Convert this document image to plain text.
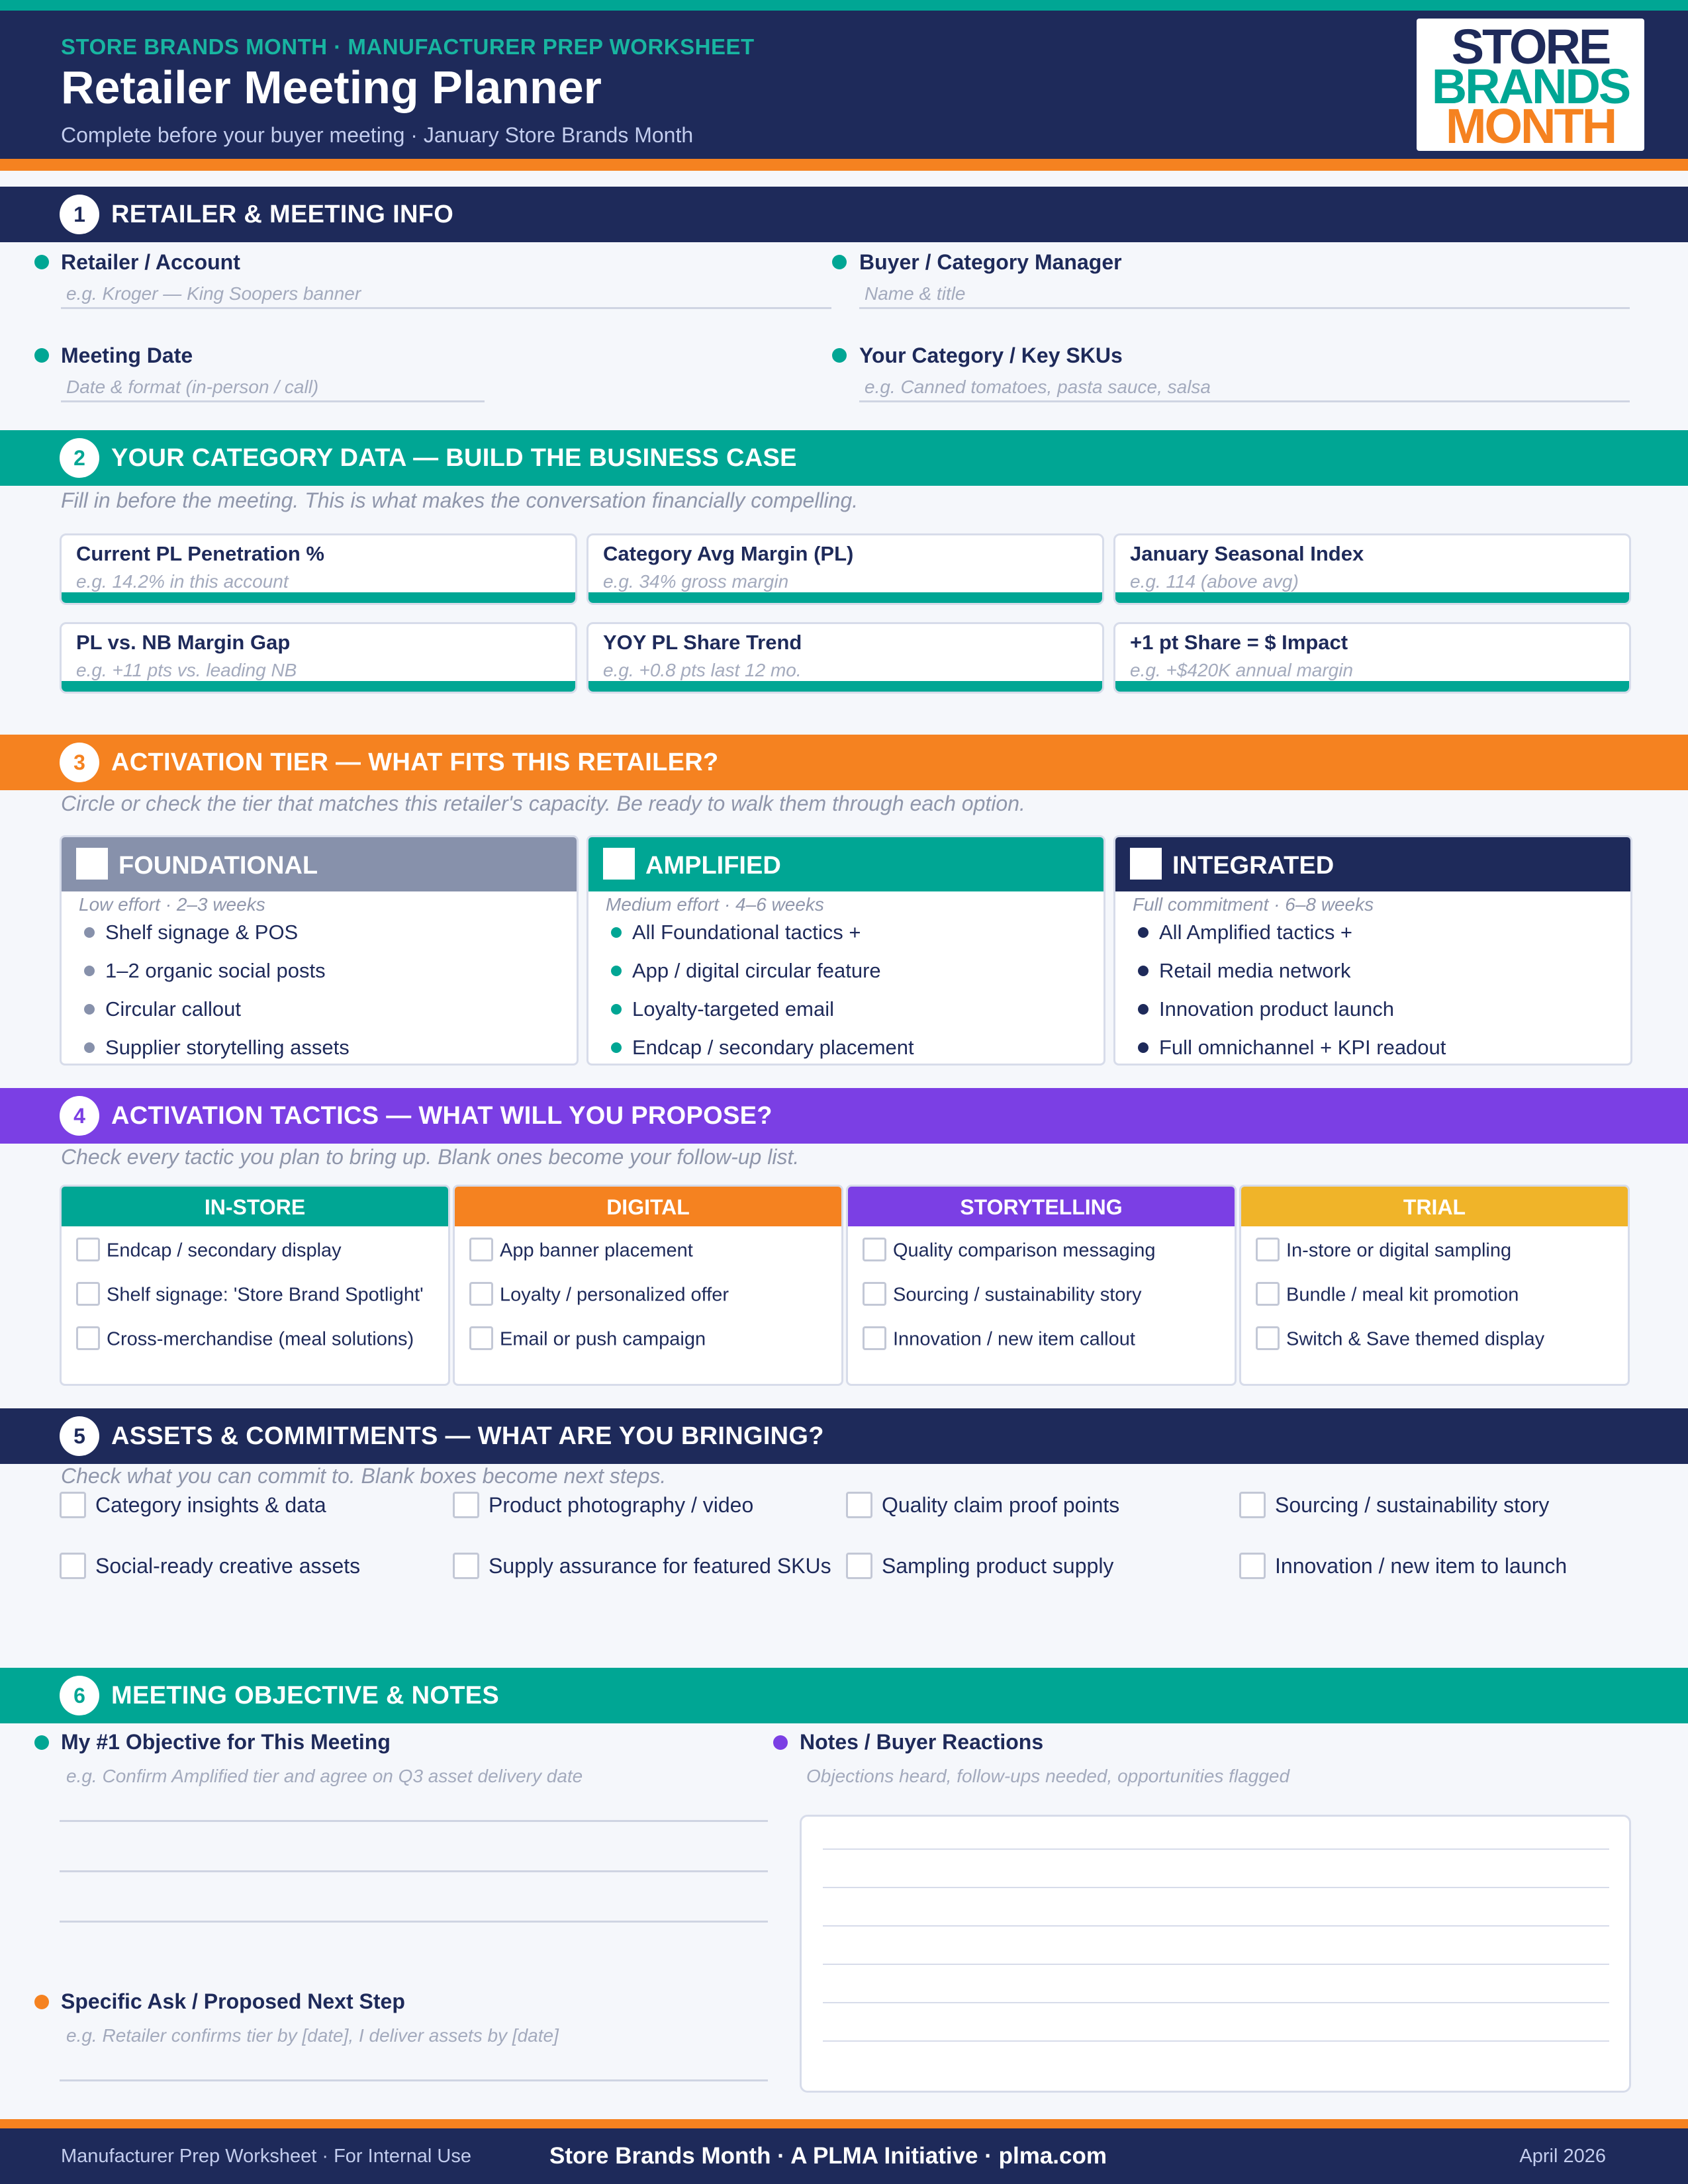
STORE BRANDS MONTH · MANUFACTURER PREP WORKSHEET
Retailer Meeting Planner
Complete before your buyer meeting · January Store Brands Month
STORE
BRANDS
MONTH
1	RETAILER & MEETING INFO
Retailer / Account
e.g. Kroger — King Soopers banner
Buyer / Category Manager
Name & title
Meeting Date
Date & format (in-person / call)
Your Category / Key SKUs
e.g. Canned tomatoes, pasta sauce, salsa
2	YOUR CATEGORY DATA — BUILD THE BUSINESS CASE
Fill in before the meeting. This is what makes the conversation financially compelling.
Current PL Penetration %
e.g. 14.2% in this account
Category Avg Margin (PL)
e.g. 34% gross margin
January Seasonal Index
e.g. 114 (above avg)
PL vs. NB Margin Gap
e.g. +11 pts vs. leading NB
YOY PL Share Trend
e.g. +0.8 pts last 12 mo.
+1 pt Share = $ Impact
e.g. +$420K annual margin
3	ACTIVATION TIER — WHAT FITS THIS RETAILER?
Circle or check the tier that matches this retailer's capacity. Be ready to walk them through each option.
FOUNDATIONAL
Low effort · 2–3 weeks
Shelf signage & POS
1–2 organic social posts
Circular callout
Supplier storytelling assets
AMPLIFIED
Medium effort · 4–6 weeks
All Foundational tactics +
App / digital circular feature
Loyalty-targeted email
Endcap / secondary placement
INTEGRATED
Full commitment · 6–8 weeks
All Amplified tactics +
Retail media network
Innovation product launch
Full omnichannel + KPI readout
4	ACTIVATION TACTICS — WHAT WILL YOU PROPOSE?
Check every tactic you plan to bring up. Blank ones become your follow-up list.
IN-STORE
Endcap / secondary display
Shelf signage: 'Store Brand Spotlight'
Cross-merchandise (meal solutions)
DIGITAL
App banner placement
Loyalty / personalized offer
Email or push campaign
STORYTELLING
Quality comparison messaging
Sourcing / sustainability story
Innovation / new item callout
TRIAL
In-store or digital sampling
Bundle / meal kit promotion
Switch & Save themed display
5	ASSETS & COMMITMENTS — WHAT ARE YOU BRINGING?
Check what you can commit to. Blank boxes become next steps.
Category insights & data	Product photography / video	Quality claim proof points	Sourcing / sustainability story
Social-ready creative assets	Supply assurance for featured SKUs	Sampling product supply	Innovation / new item to launch
6	MEETING OBJECTIVE & NOTES
My #1 Objective for This Meeting
e.g. Confirm Amplified tier and agree on Q3 asset delivery date
Notes / Buyer Reactions
Objections heard, follow-ups needed, opportunities flagged
Specific Ask / Proposed Next Step
e.g. Retailer confirms tier by [date], I deliver assets by [date]
Manufacturer Prep Worksheet · For Internal Use	Store Brands Month · A PLMA Initiative · plma.com	April 2026
